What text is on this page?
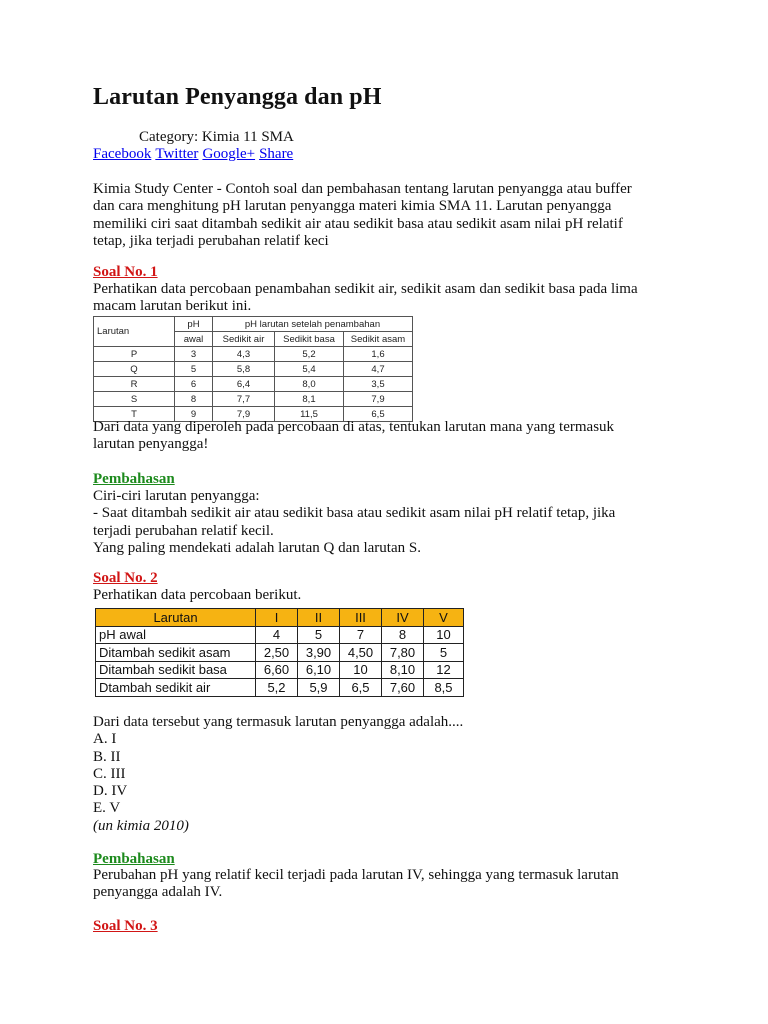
Larutan Penyangga dan pH
Category: Kimia 11 SMA
Facebook Twitter Google+ Share

Kimia Study Center - Contoh soal dan pembahasan tentang larutan penyangga atau buffer

dan cara menghitung pH larutan penyangga materi kimia SMA 11. Larutan penyangga

memiliki ciri saat ditambah sedikit air atau sedikit basa atau sedikit asam nilai pH relatif

tetap, jika terjadi perubahan relatif keci

Soal No. 1

Perhatikan data percobaan penambahan sedikit air, sedikit asam dan sedikit basa pada lima

macam larutan berikut ini.

Larutan	pH	pH larutan setelah penambahan		
	awal	Sedikit air	Sedikit basa	Sedikit asam
P	3	4,3	5,2	1,6
Q	5	5,8	5,4	4,7
R	6	6,4	8,0	3,5
S	8	7,7	8,1	7,9
T	9	7,9	11,5	6,5

Dari data yang diperoleh pada percobaan di atas, tentukan larutan mana yang termasuk

larutan penyangga!

Pembahasan

Ciri-ciri larutan penyangga:

- Saat ditambah sedikit air atau sedikit basa atau sedikit asam nilai pH relatif tetap, jika

terjadi perubahan relatif kecil.

Yang paling mendekati adalah larutan Q dan larutan S.

Soal No. 2

Perhatikan data percobaan berikut.

Larutan	I	II	III	IV	V
pH awal	4	5	7	8	10
Ditambah sedikit asam	2,50	3,90	4,50	7,80	5
Ditambah sedikit basa	6,60	6,10	10	8,10	12
Dtambah sedikit air	5,2	5,9	6,5	7,60	8,5

Dari data tersebut yang termasuk larutan penyangga adalah....

A. I

B. II

C. III

D. IV

E. V

(un kimia 2010)

Pembahasan

Perubahan pH yang relatif kecil terjadi pada larutan IV, sehingga yang termasuk larutan

penyangga adalah IV.

Soal No. 3
